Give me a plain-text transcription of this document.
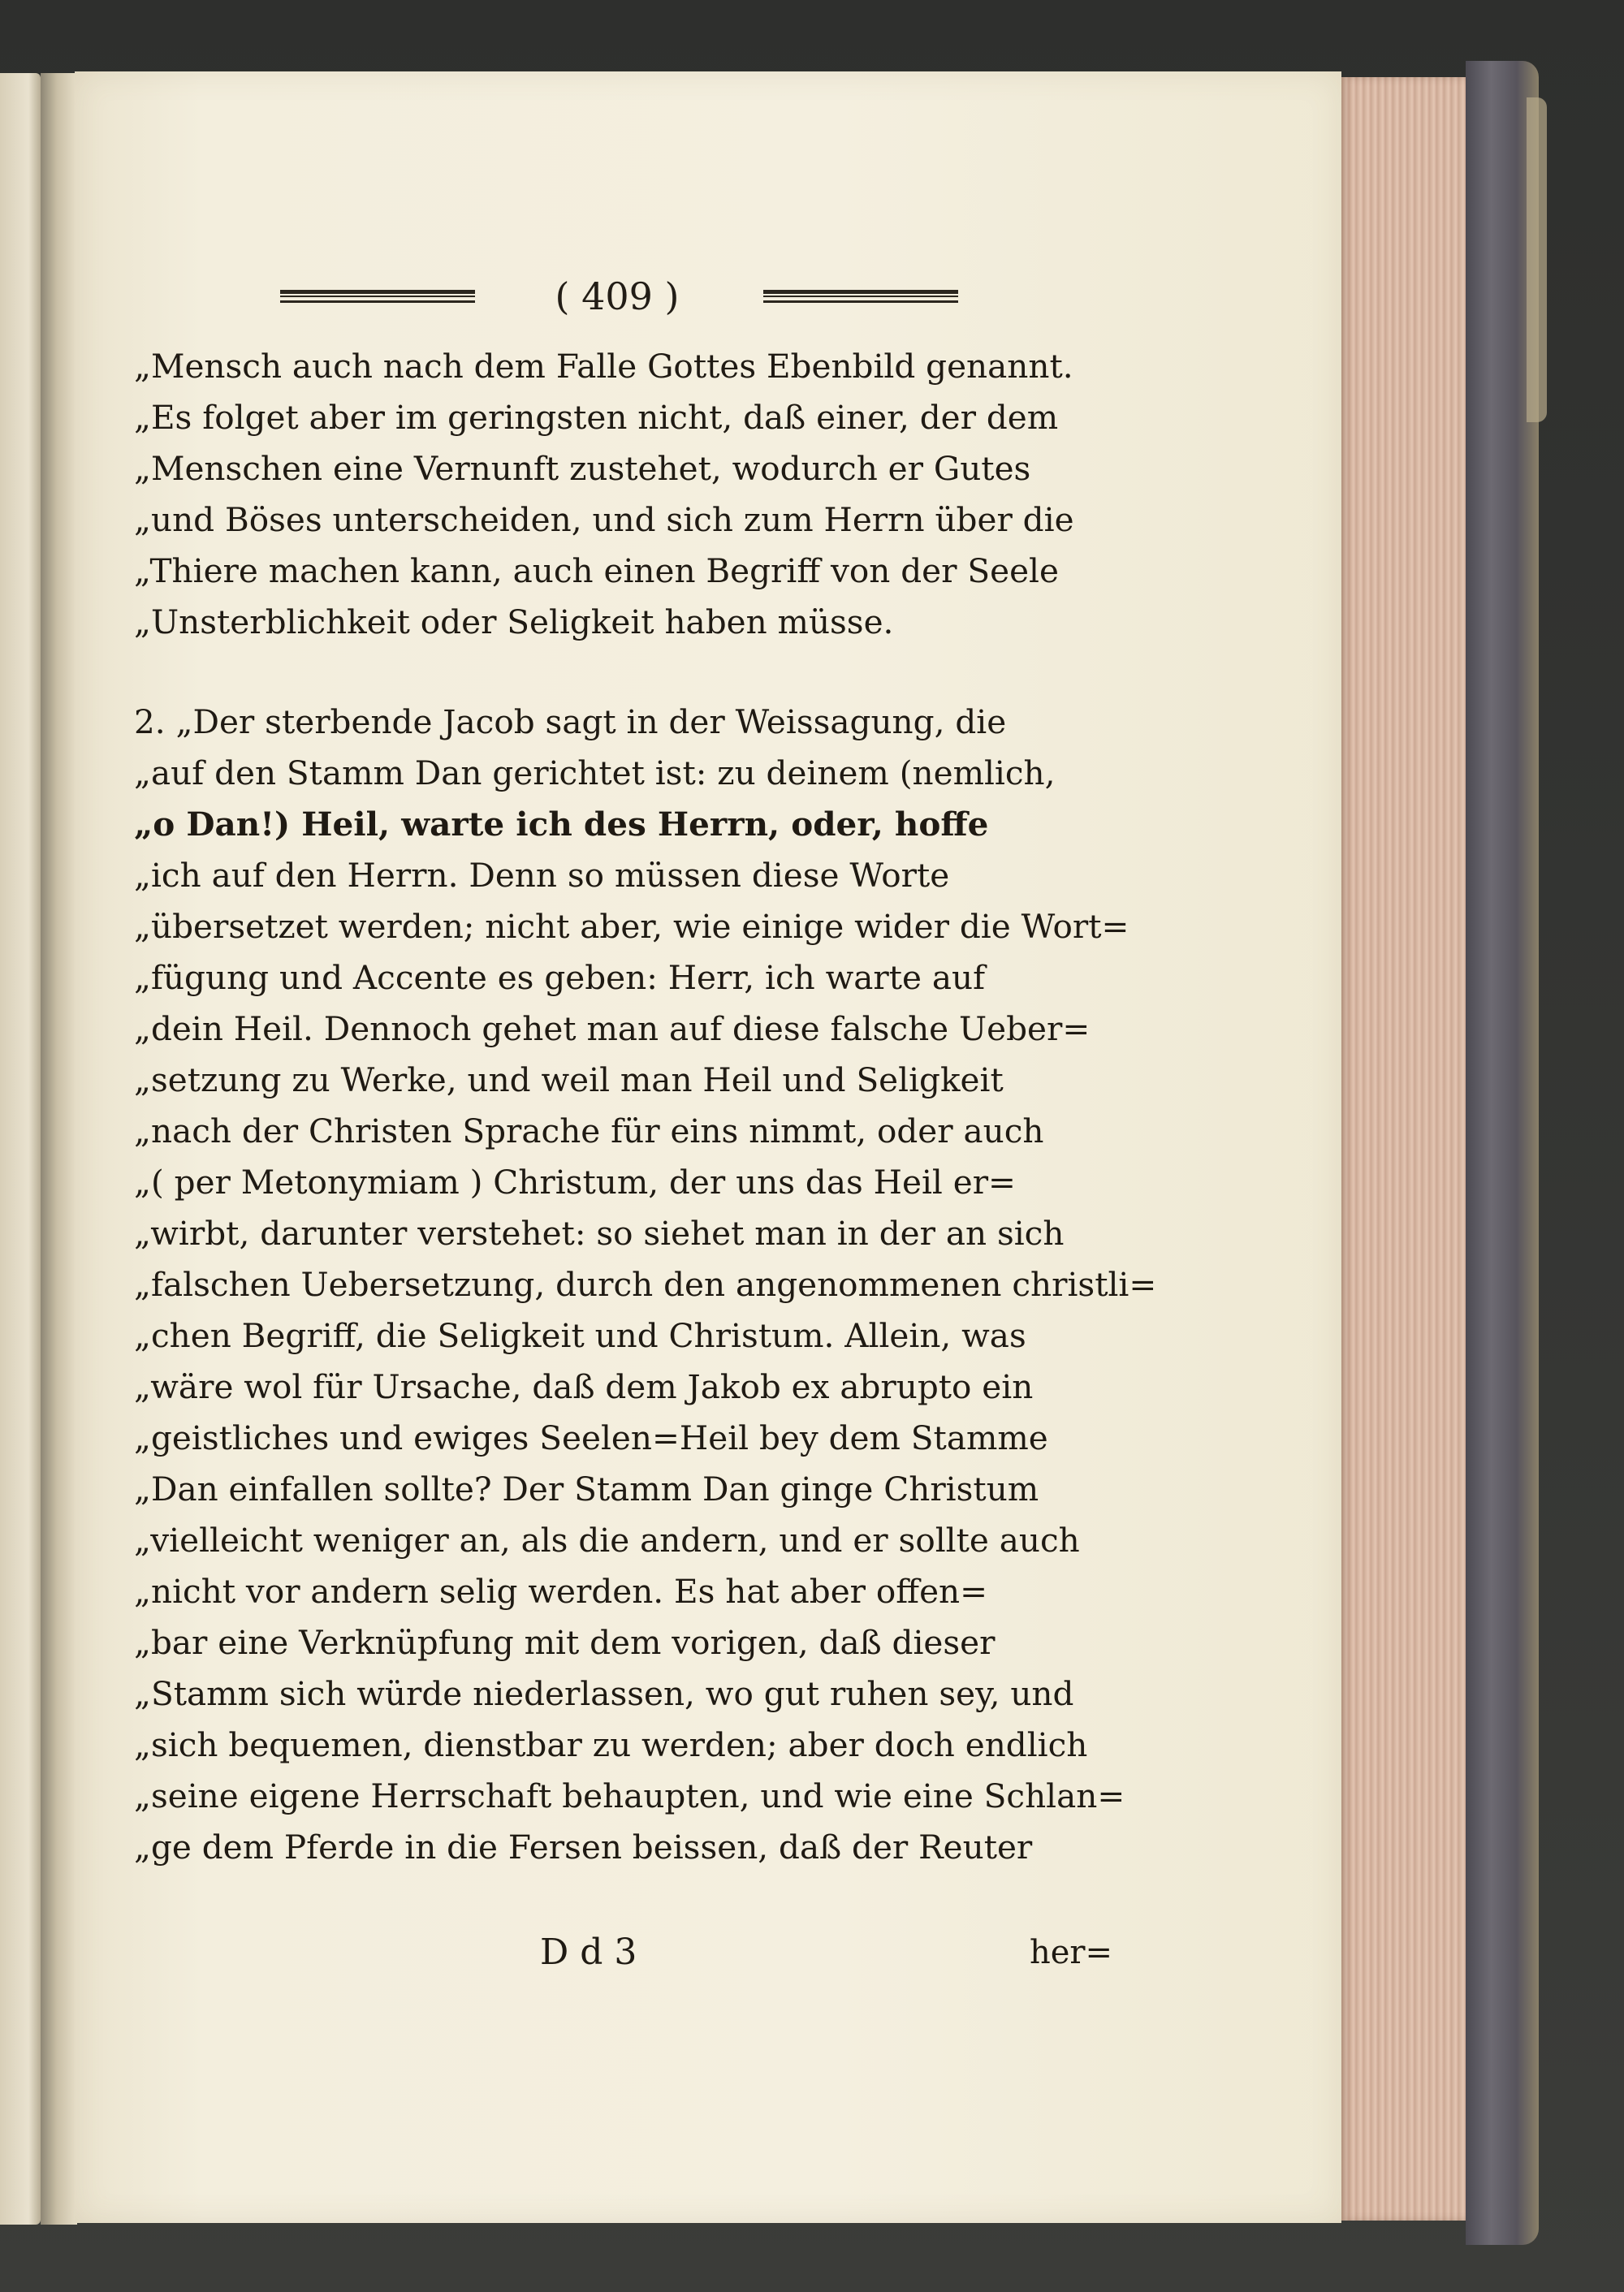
( 409 )
„Mensch auch nach dem Falle Gottes Ebenbild genannt.
„Es folget aber im geringsten nicht, daß einer, der dem
„Menschen eine Vernunft zustehet, wodurch er Gutes
„und Böses unterscheiden, und sich zum Herrn über die
„Thiere machen kann, auch einen Begriff von der Seele
„Unsterblichkeit oder Seligkeit haben müsse.
2. „Der sterbende Jacob sagt in der Weissagung, die
„auf den Stamm Dan gerichtet ist: zu deinem (nemlich,
„o Dan!) Heil, warte ich des Herrn, oder, hoffe
„ich auf den Herrn. Denn so müssen diese Worte
„übersetzet werden; nicht aber, wie einige wider die Wort=
„fügung und Accente es geben: Herr, ich warte auf
„dein Heil. Dennoch gehet man auf diese falsche Ueber=
„setzung zu Werke, und weil man Heil und Seligkeit
„nach der Christen Sprache für eins nimmt, oder auch
„( per Metonymiam ) Christum, der uns das Heil er=
„wirbt, darunter verstehet: so siehet man in der an sich
„falschen Uebersetzung, durch den angenommenen christli=
„chen Begriff, die Seligkeit und Christum. Allein, was
„wäre wol für Ursache, daß dem Jakob ex abrupto ein
„geistliches und ewiges Seelen=Heil bey dem Stamme
„Dan einfallen sollte? Der Stamm Dan ginge Christum
„vielleicht weniger an, als die andern, und er sollte auch
„nicht vor andern selig werden. Es hat aber offen=
„bar eine Verknüpfung mit dem vorigen, daß dieser
„Stamm sich würde niederlassen, wo gut ruhen sey, und
„sich bequemen, dienstbar zu werden; aber doch endlich
„seine eigene Herrschaft behaupten, und wie eine Schlan=
„ge dem Pferde in die Fersen beissen, daß der Reuter
D d 3	her=
